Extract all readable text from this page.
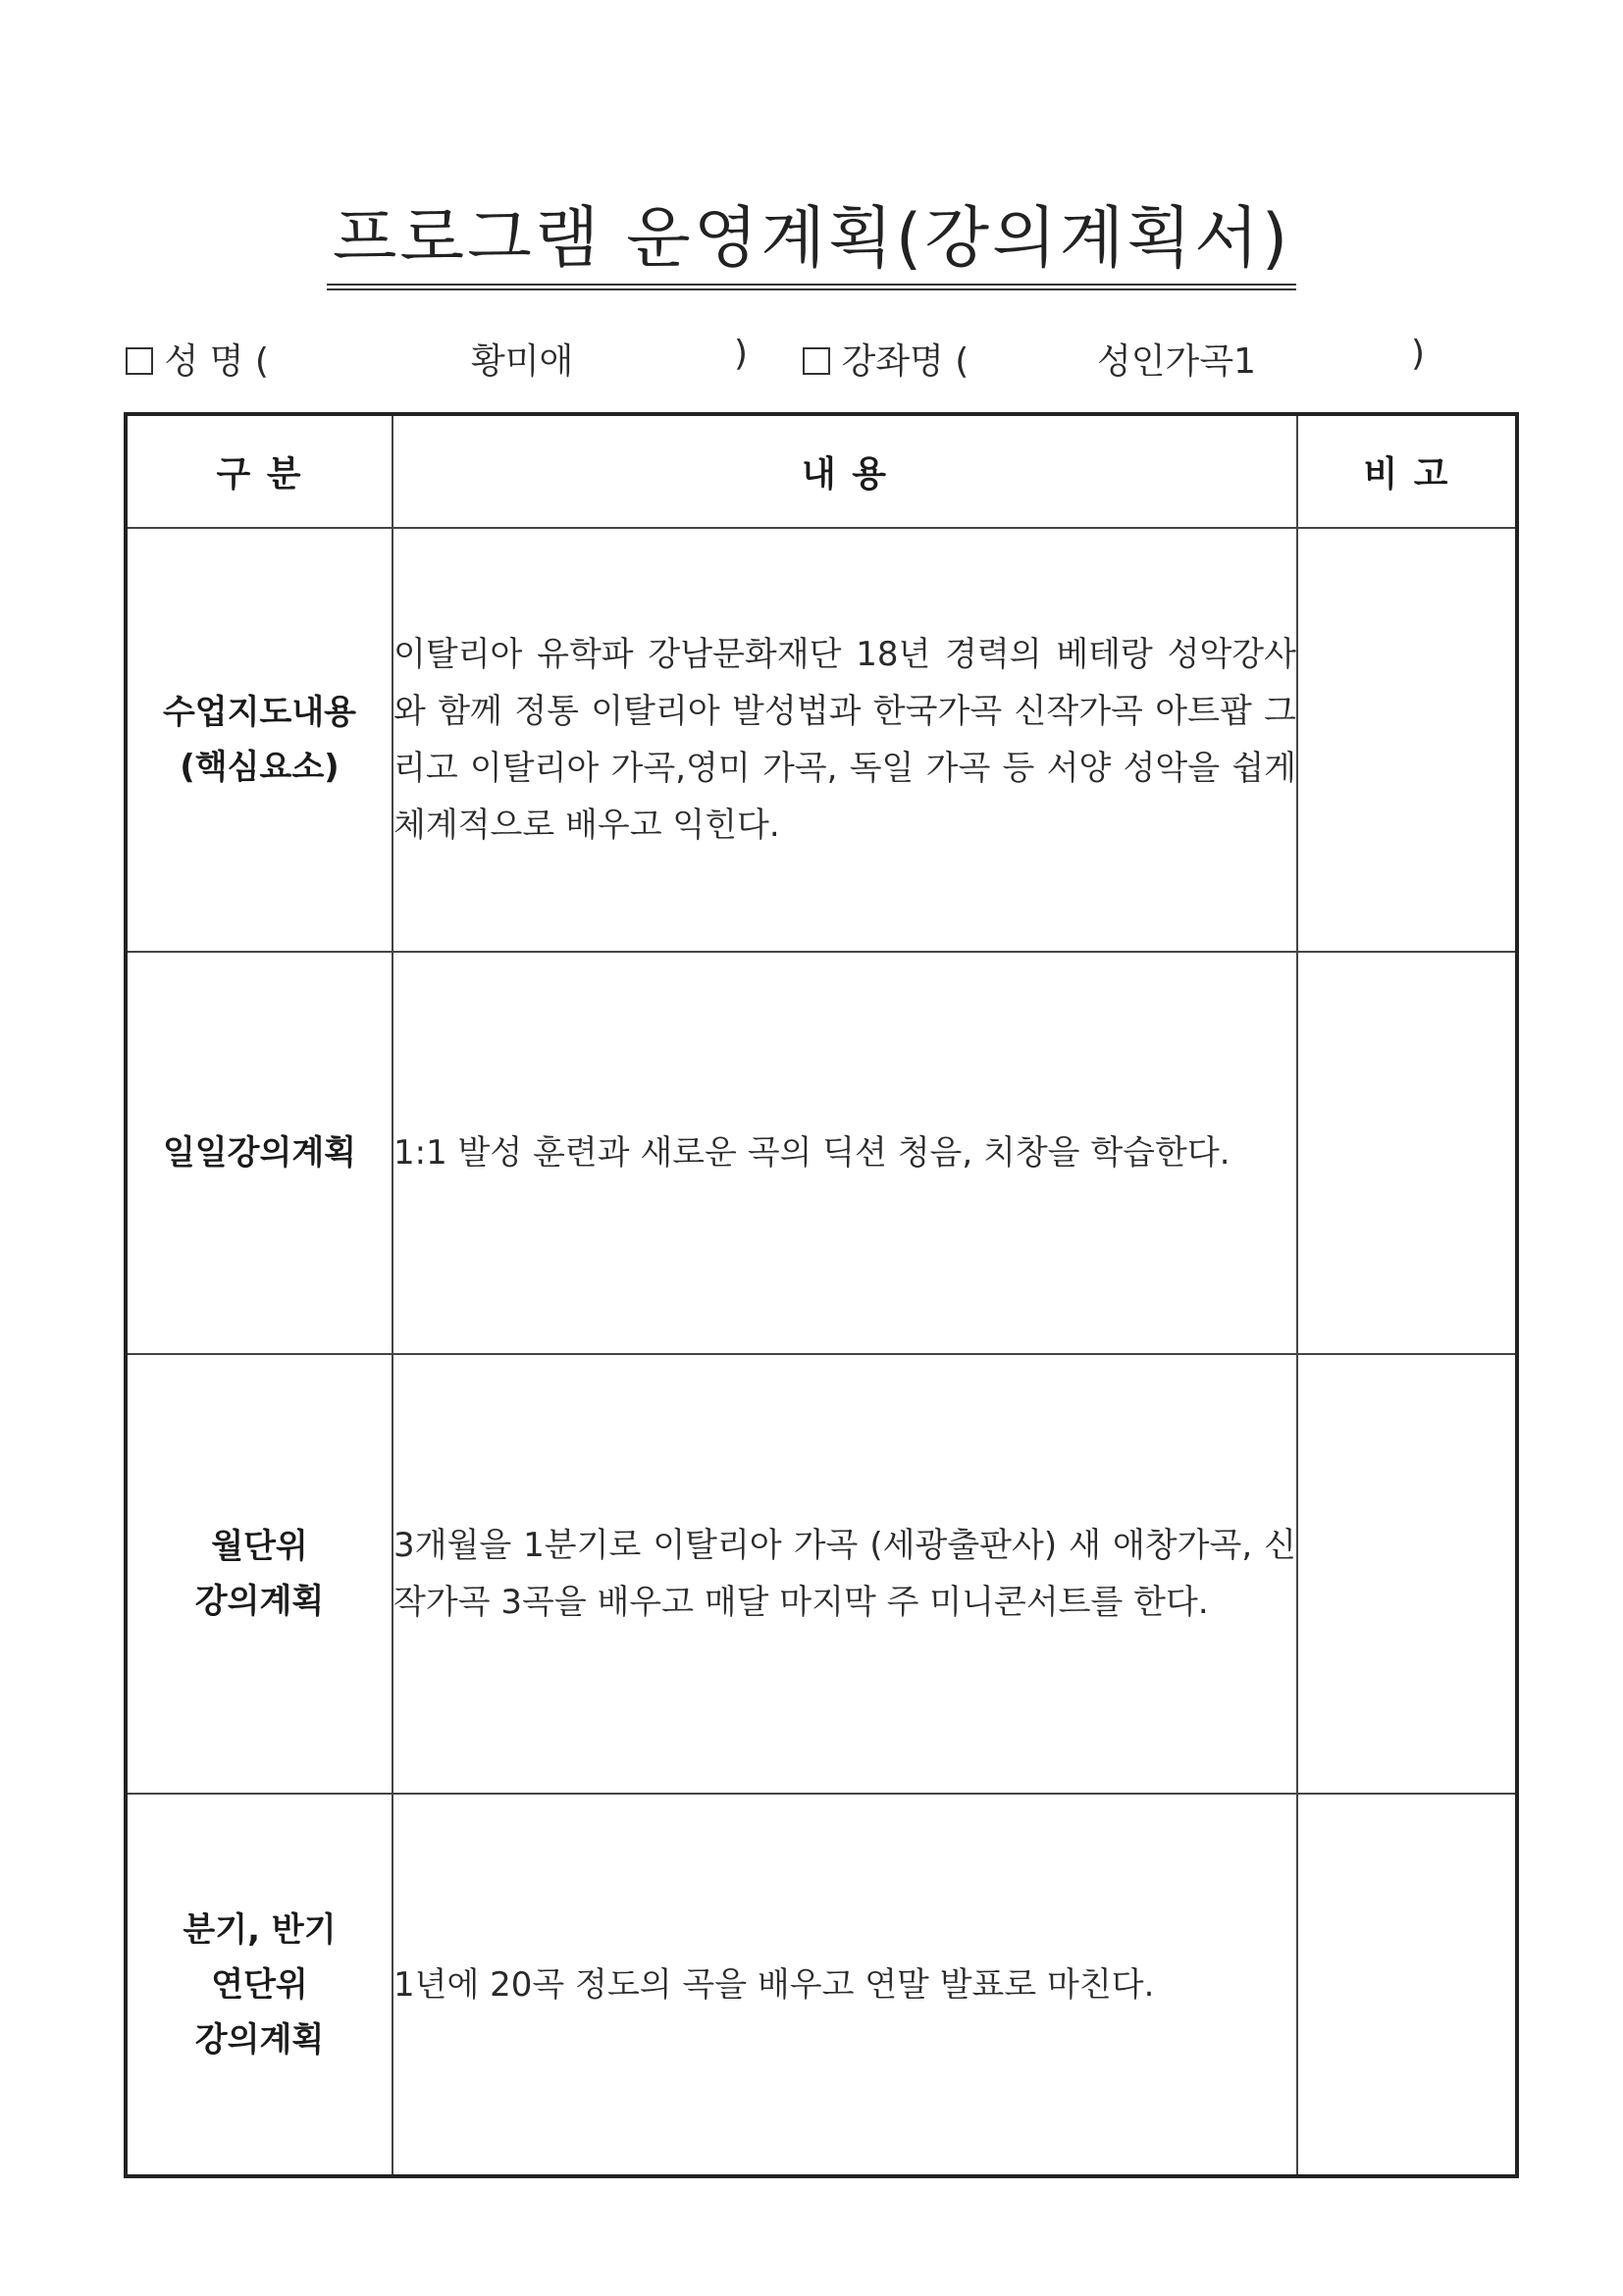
프로그램 운영계획(강의계획서)
성 명 (	황미애	)	강좌명 (	성인가곡1	)
구 분	내 용	비 고

수업지도내용
(핵심요소)	이탈리아 유학파 강남문화재단 18년 경력의 베테랑 성악강사와 함께 정통 이탈리아 발성법과 한국가곡 신작가곡 아트팝 그리고 이탈리아 가곡,영미 가곡, 독일 가곡 등 서양 성악을 쉽게 체계적으로 배우고 익힌다.	

일일강의계획	1:1 발성 훈련과 새로운 곡의 딕션 청음, 치창을 학습한다.	

월단위
강의계획	3개월을 1분기로 이탈리아 가곡 (세광출판사) 새 애창가곡, 신작가곡 3곡을 배우고 매달 마지막 주 미니콘서트를 한다.	

분기, 반기
연단위
강의계획	1년에 20곡 정도의 곡을 배우고 연말 발표로 마친다.	
